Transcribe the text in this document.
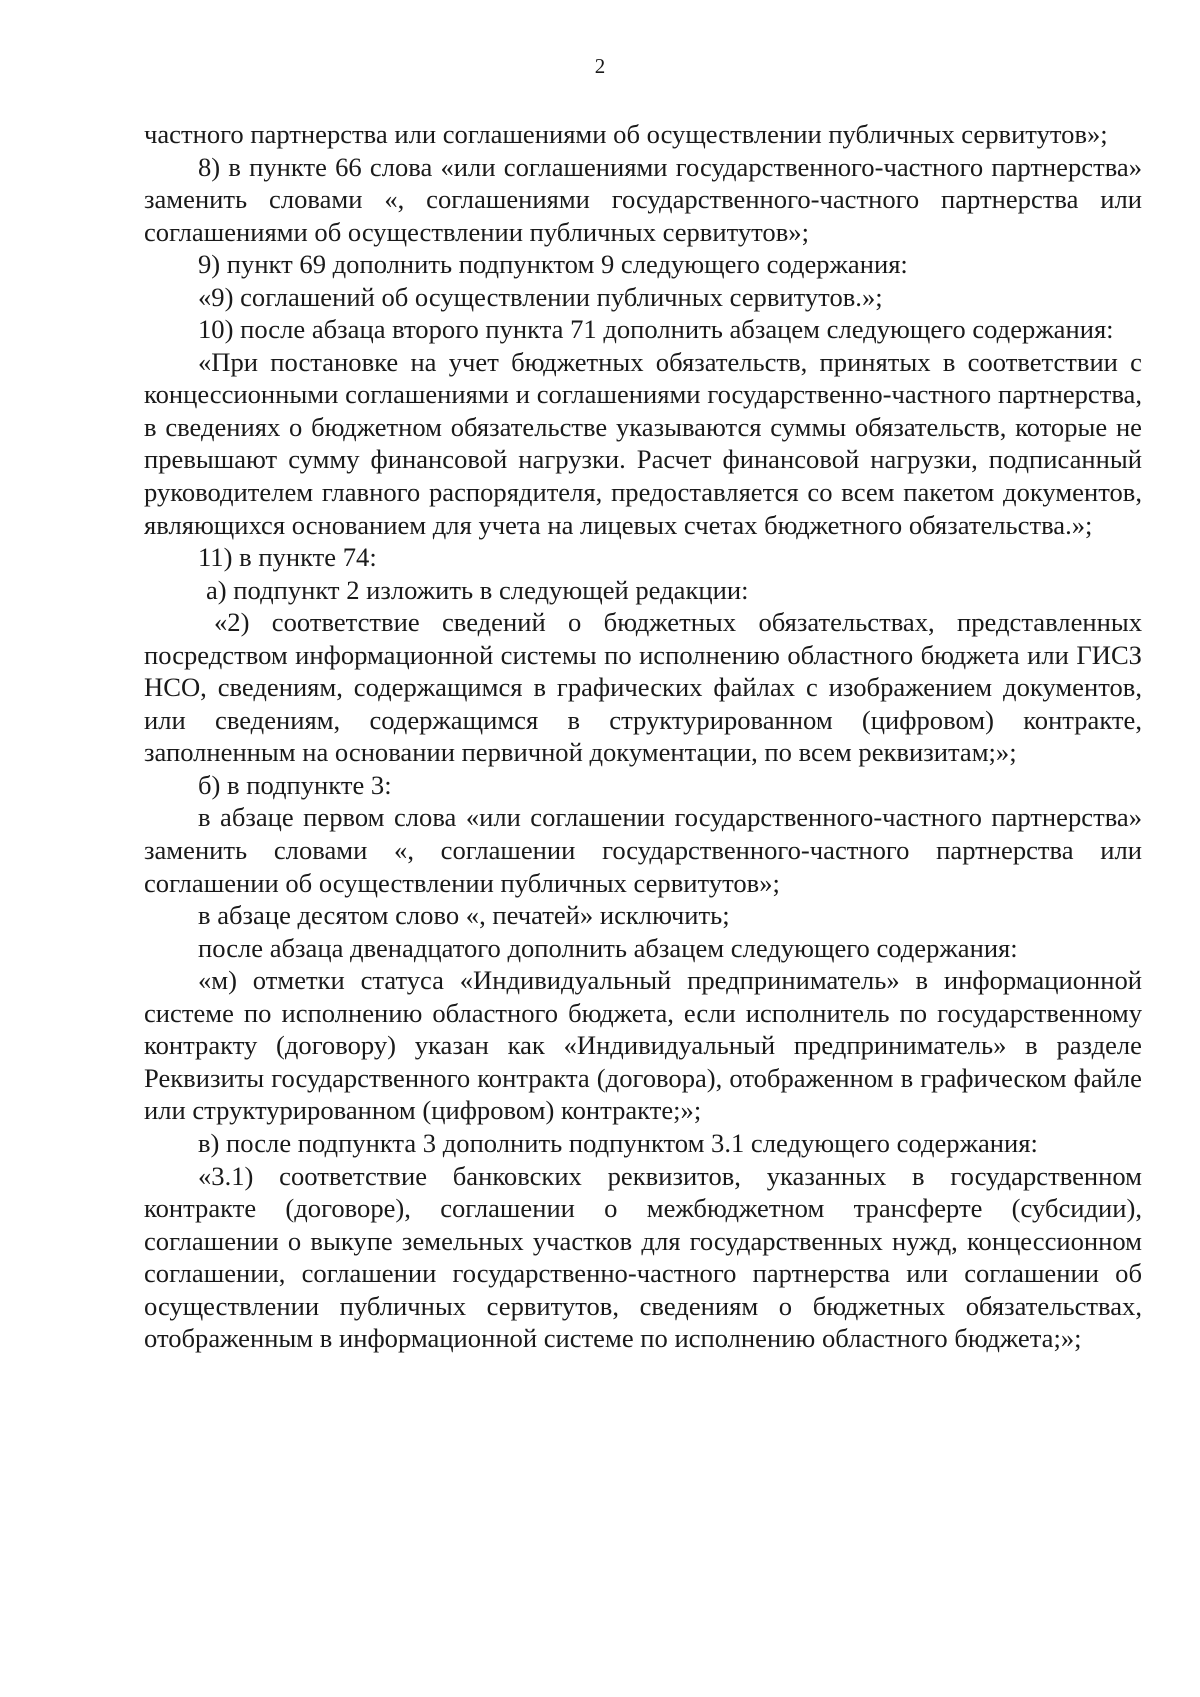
2

частного партнерства или соглашениями об осуществлении публичных сервитутов»;

8) в пункте 66 слова «или соглашениями государственного-частного партнерства» заменить словами «, соглашениями государственного-частного партнерства или соглашениями об осуществлении публичных сервитутов»;

9) пункт 69 дополнить подпунктом 9 следующего содержания:

«9) соглашений об осуществлении публичных сервитутов.»;

10) после абзаца второго пункта 71 дополнить абзацем следующего содержания:

«При постановке на учет бюджетных обязательств, принятых в соответствии с концессионными соглашениями и соглашениями государственно-частного партнерства, в сведениях о бюджетном обязательстве указываются суммы обязательств, которые не превышают сумму финансовой нагрузки. Расчет финансовой нагрузки, подписанный руководителем главного распорядителя, предоставляется со всем пакетом документов, являющихся основанием для учета на лицевых счетах бюджетного обязательства.»;

11) в пункте 74:

а) подпункт 2 изложить в следующей редакции:

«2) соответствие сведений о бюджетных обязательствах, представленных посредством информационной системы по исполнению областного бюджета или ГИСЗ НСО, сведениям, содержащимся в графических файлах с изображением документов, или сведениям, содержащимся в структурированном (цифровом) контракте, заполненным на основании первичной документации, по всем реквизитам;»;

б) в подпункте 3:

в абзаце первом слова «или соглашении государственного-частного партнерства» заменить словами «, соглашении государственного-частного партнерства или соглашении об осуществлении публичных сервитутов»;

в абзаце десятом слово «, печатей» исключить;

после абзаца двенадцатого дополнить абзацем следующего содержания:

«м) отметки статуса «Индивидуальный предприниматель» в информационной системе по исполнению областного бюджета, если исполнитель по государственному контракту (договору) указан как «Индивидуальный предприниматель» в разделе Реквизиты государственного контракта (договора), отображенном в графическом файле или структурированном (цифровом) контракте;»;

в) после подпункта 3 дополнить подпунктом 3.1 следующего содержания:

«3.1) соответствие банковских реквизитов, указанных в государственном контракте (договоре), соглашении о межбюджетном трансферте (субсидии), соглашении о выкупе земельных участков для государственных нужд, концессионном соглашении, соглашении государственно-частного партнерства или соглашении об осуществлении публичных сервитутов, сведениям о бюджетных обязательствах, отображенным в информационной системе по исполнению областного бюджета;»;
